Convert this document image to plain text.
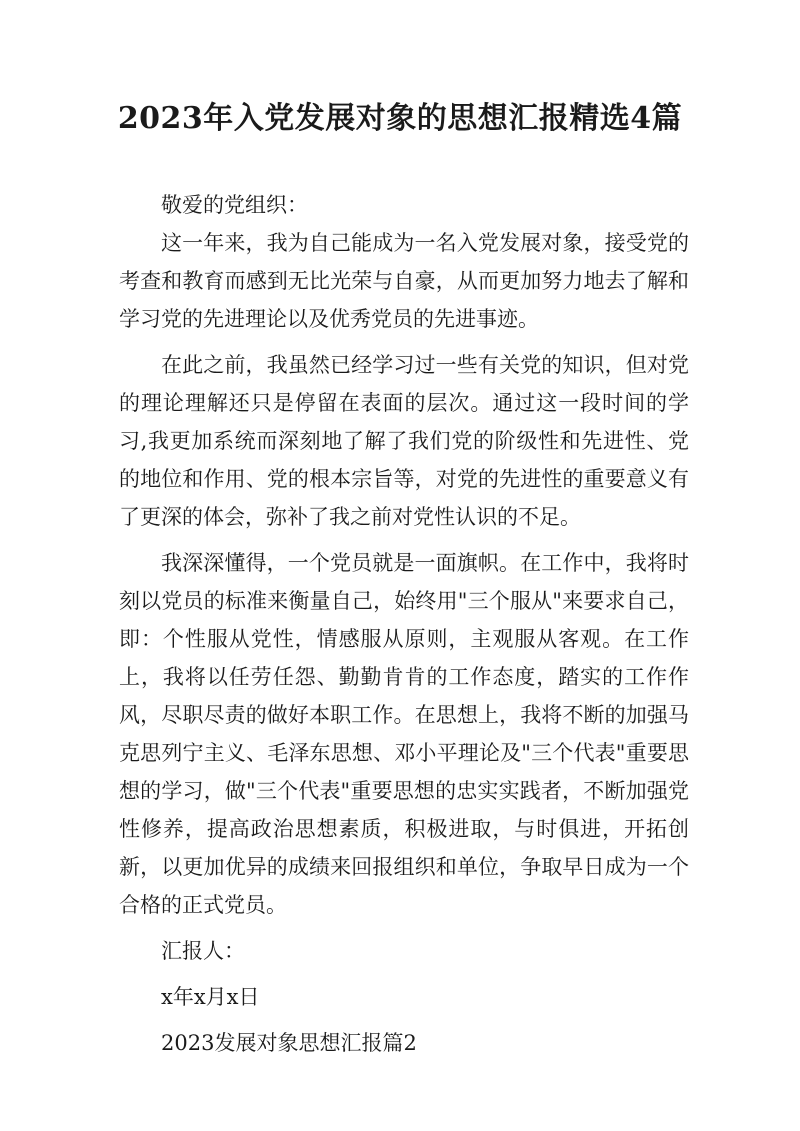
2023年入党发展对象的思想汇报精选4篇

敬爱的党组织：

这一年来，我为自己能成为一名入党发展对象，接受党的考查和教育而感到无比光荣与自豪，从而更加努力地去了解和学习党的先进理论以及优秀党员的先进事迹。

在此之前，我虽然已经学习过一些有关党的知识，但对党的理论理解还只是停留在表面的层次。通过这一段时间的学习,我更加系统而深刻地了解了我们党的阶级性和先进性、党的地位和作用、党的根本宗旨等，对党的先进性的重要意义有了更深的体会，弥补了我之前对党性认识的不足。

我深深懂得，一个党员就是一面旗帜。在工作中，我将时刻以党员的标准来衡量自己，始终用"三个服从"来要求自己，即：个性服从党性，情感服从原则，主观服从客观。在工作上，我将以任劳任怨、勤勤肯肯的工作态度，踏实的工作作风，尽职尽责的做好本职工作。在思想上，我将不断的加强马克思列宁主义、毛泽东思想、邓小平理论及"三个代表"重要思想的学习，做"三个代表"重要思想的忠实实践者，不断加强党性修养，提高政治思想素质，积极进取，与时俱进，开拓创新，以更加优异的成绩来回报组织和单位，争取早日成为一个合格的正式党员。

汇报人：

x年x月x日

2023发展对象思想汇报篇2
